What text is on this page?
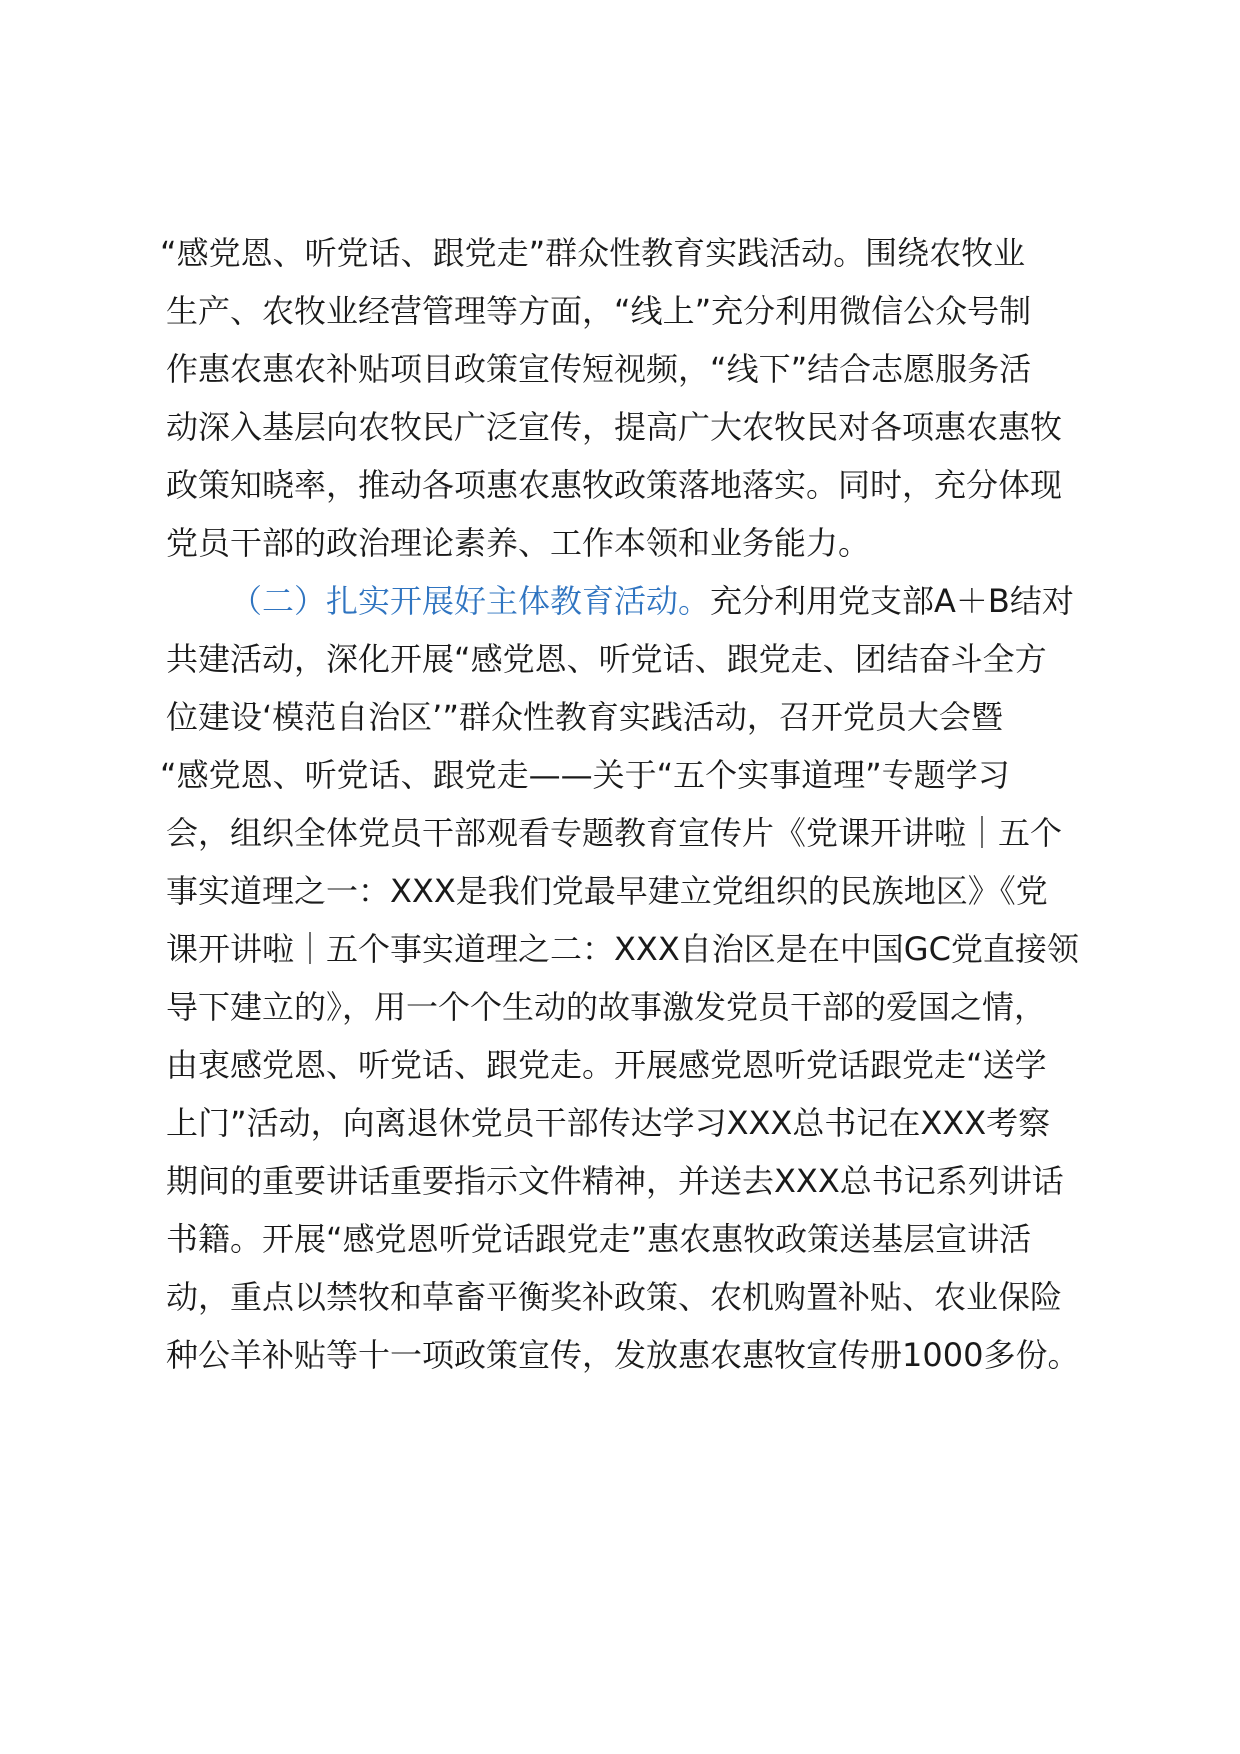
“感党恩、听党话、跟党走”群众性教育实践活动。围绕农牧业
生产、农牧业经营管理等方面，“线上”充分利用微信公众号制
作惠农惠农补贴项目政策宣传短视频，“线下”结合志愿服务活
动深入基层向农牧民广泛宣传，提高广大农牧民对各项惠农惠牧
政策知晓率，推动各项惠农惠牧政策落地落实。同时，充分体现
党员干部的政治理论素养、工作本领和业务能力。
（二）扎实开展好主体教育活动。充分利用党支部A＋B结对
共建活动，深化开展“感党恩、听党话、跟党走、团结奋斗全方
位建设‘模范自治区’”群众性教育实践活动，召开党员大会暨
“感党恩、听党话、跟党走——关于“五个实事道理”专题学习
会，组织全体党员干部观看专题教育宣传片《党课开讲啦｜五个
事实道理之一：XXX是我们党最早建立党组织的民族地区》《党
课开讲啦｜五个事实道理之二：XXX自治区是在中国GC党直接领
导下建立的》，用一个个生动的故事激发党员干部的爱国之情，
由衷感党恩、听党话、跟党走。开展感党恩听党话跟党走“送学
上门”活动，向离退休党员干部传达学习XXX总书记在XXX考察
期间的重要讲话重要指示文件精神，并送去XXX总书记系列讲话
书籍。开展“感党恩听党话跟党走”惠农惠牧政策送基层宣讲活
动，重点以禁牧和草畜平衡奖补政策、农机购置补贴、农业保险
种公羊补贴等十一项政策宣传，发放惠农惠牧宣传册1000多份。
